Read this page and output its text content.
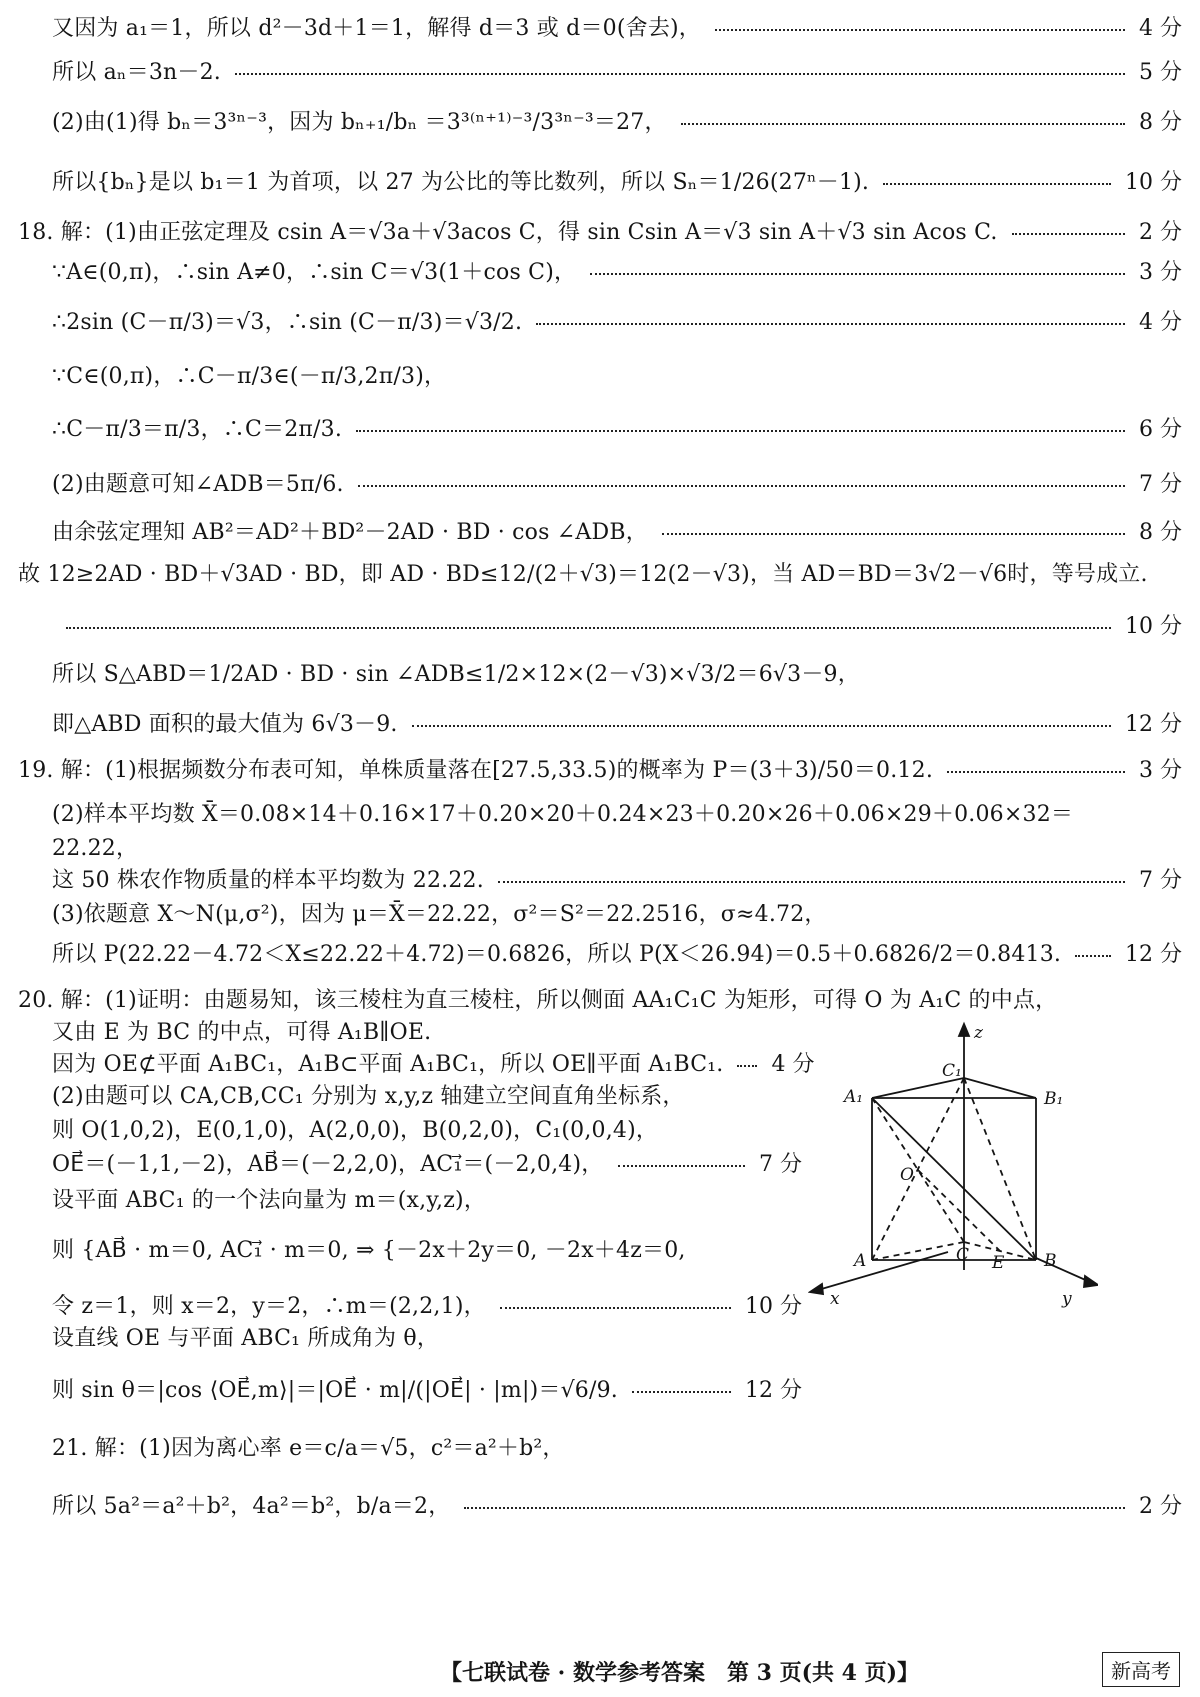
又因为 a₁＝1，所以 d²－3d＋1＝1，解得 d＝3 或 d＝0(舍去)，	4 分
所以 aₙ＝3n－2.	5 分
(2)由(1)得 bₙ＝3³ⁿ⁻³，因为 bₙ₊₁/bₙ ＝3³⁽ⁿ⁺¹⁾⁻³/3³ⁿ⁻³＝27，	8 分
所以{bₙ}是以 b₁＝1 为首项，以 27 为公比的等比数列，所以 Sₙ＝1/26(27ⁿ－1).	10 分
18. 解：(1)由正弦定理及 csin A＝√3a＋√3acos C，得 sin Csin A＝√3 sin A＋√3 sin Acos C.	2 分
∵A∈(0,π)，∴sin A≠0，∴sin C＝√3(1＋cos C)，	3 分
∴2sin (C－π/3)＝√3，∴sin (C－π/3)＝√3/2.	4 分
∵C∈(0,π)，∴C－π/3∈(－π/3,2π/3)，
∴C－π/3＝π/3，∴C＝2π/3.	6 分
(2)由题意可知∠ADB＝5π/6.	7 分
由余弦定理知 AB²＝AD²＋BD²－2AD · BD · cos ∠ADB，	8 分
故 12≥2AD · BD＋√3AD · BD，即 AD · BD≤12/(2＋√3)＝12(2－√3)，当 AD＝BD＝3√2－√6时，等号成立.
10 分
所以 S△ABD＝1/2AD · BD · sin ∠ADB≤1/2×12×(2－√3)×√3/2＝6√3－9，
即△ABD 面积的最大值为 6√3－9.	12 分
19. 解：(1)根据频数分布表可知，单株质量落在[27.5,33.5)的概率为 P＝(3＋3)/50＝0.12.	3 分
(2)样本平均数 X̄＝0.08×14＋0.16×17＋0.20×20＋0.24×23＋0.20×26＋0.06×29＋0.06×32＝
22.22，
这 50 株农作物质量的样本平均数为 22.22.	7 分
(3)依题意 X～N(μ,σ²)，因为 μ＝X̄＝22.22，σ²＝S²＝22.2516，σ≈4.72，
所以 P(22.22－4.72＜X≤22.22＋4.72)＝0.6826，所以 P(X＜26.94)＝0.5＋0.6826/2＝0.8413.	12 分
20. 解：(1)证明：由题易知，该三棱柱为直三棱柱，所以侧面 AA₁C₁C 为矩形，可得 O 为 A₁C 的中点，
又由 E 为 BC 的中点，可得 A₁B∥OE.
因为 OE⊄平面 A₁BC₁，A₁B⊂平面 A₁BC₁，所以 OE∥平面 A₁BC₁. 4 分
(2)由题可以 CA,CB,CC₁ 分别为 x,y,z 轴建立空间直角坐标系，
则 O(1,0,2)，E(0,1,0)，A(2,0,0)，B(0,2,0)，C₁(0,0,4)，
OE⃗＝(－1,1,－2)，AB⃗＝(－2,2,0)，AC₁⃗＝(－2,0,4)，	7 分
设平面 ABC₁ 的一个法向量为 m＝(x,y,z)，
则 {AB⃗ · m＝0, AC₁⃗ · m＝0, ⇒ {－2x＋2y＝0, －2x＋4z＝0,
令 z＝1，则 x＝2，y＝2，∴m＝(2,2,1)，	10 分
设直线 OE 与平面 ABC₁ 所成角为 θ，
则 sin θ＝|cos ⟨OE⃗,m⟩|＝|OE⃗ · m|/(|OE⃗| · |m|)＝√6/9.	12 分
21. 解：(1)因为离心率 e＝c/a＝√5，c²＝a²＋b²，
所以 5a²＝a²＋b²，4a²＝b²，b/a＝2，	2 分
z
C₁
A₁	B₁
O
A	C E B
x	y
【七联试卷 · 数学参考答案　第 3 页(共 4 页)】	新高考
